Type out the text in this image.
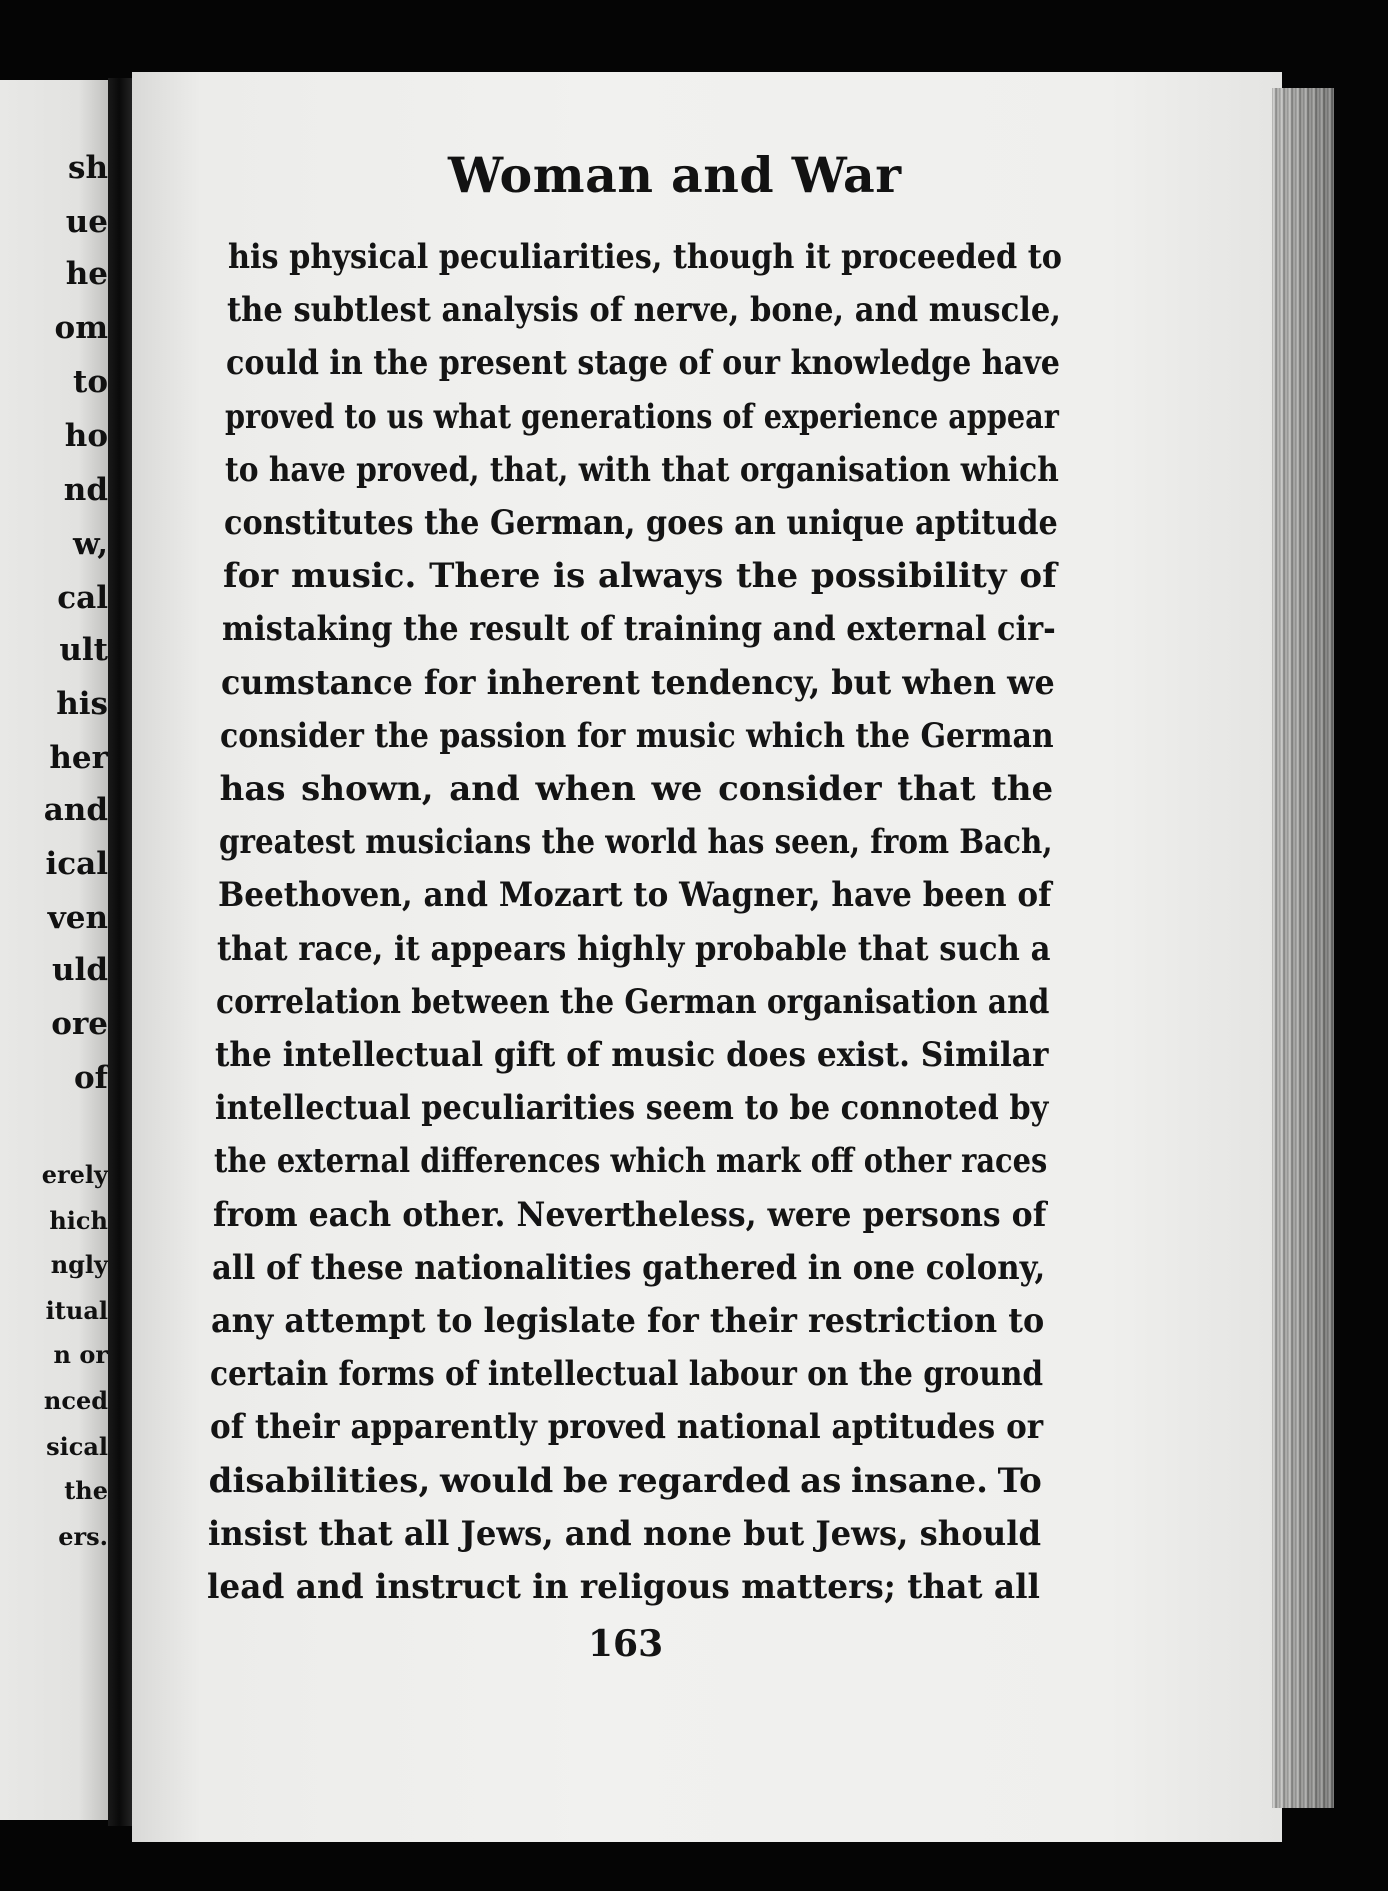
sh
ue
he
om
to
ho
nd
w,
cal
ult
his
her
and
ical
ven
uld
ore
of
erely
hich
ngly
itual
n or
nced
sical
the
ers.
Woman and War
his physical peculiarities, though it proceeded to
the subtlest analysis of nerve, bone, and muscle,
could in the present stage of our knowledge have
proved to us what generations of experience appear
to have proved, that, with that organisation which
constitutes the German, goes an unique aptitude
for music. There is always the possibility of
mistaking the result of training and external cir-
cumstance for inherent tendency, but when we
consider the passion for music which the German
has shown, and when we consider that the
greatest musicians the world has seen, from Bach,
Beethoven, and Mozart to Wagner, have been of
that race, it appears highly probable that such a
correlation between the German organisation and
the intellectual gift of music does exist. Similar
intellectual peculiarities seem to be connoted by
the external differences which mark off other races
from each other. Nevertheless, were persons of
all of these nationalities gathered in one colony,
any attempt to legislate for their restriction to
certain forms of intellectual labour on the ground
of their apparently proved national aptitudes or
disabilities, would be regarded as insane. To
insist that all Jews, and none but Jews, should
lead and instruct in religous matters; that all
163
